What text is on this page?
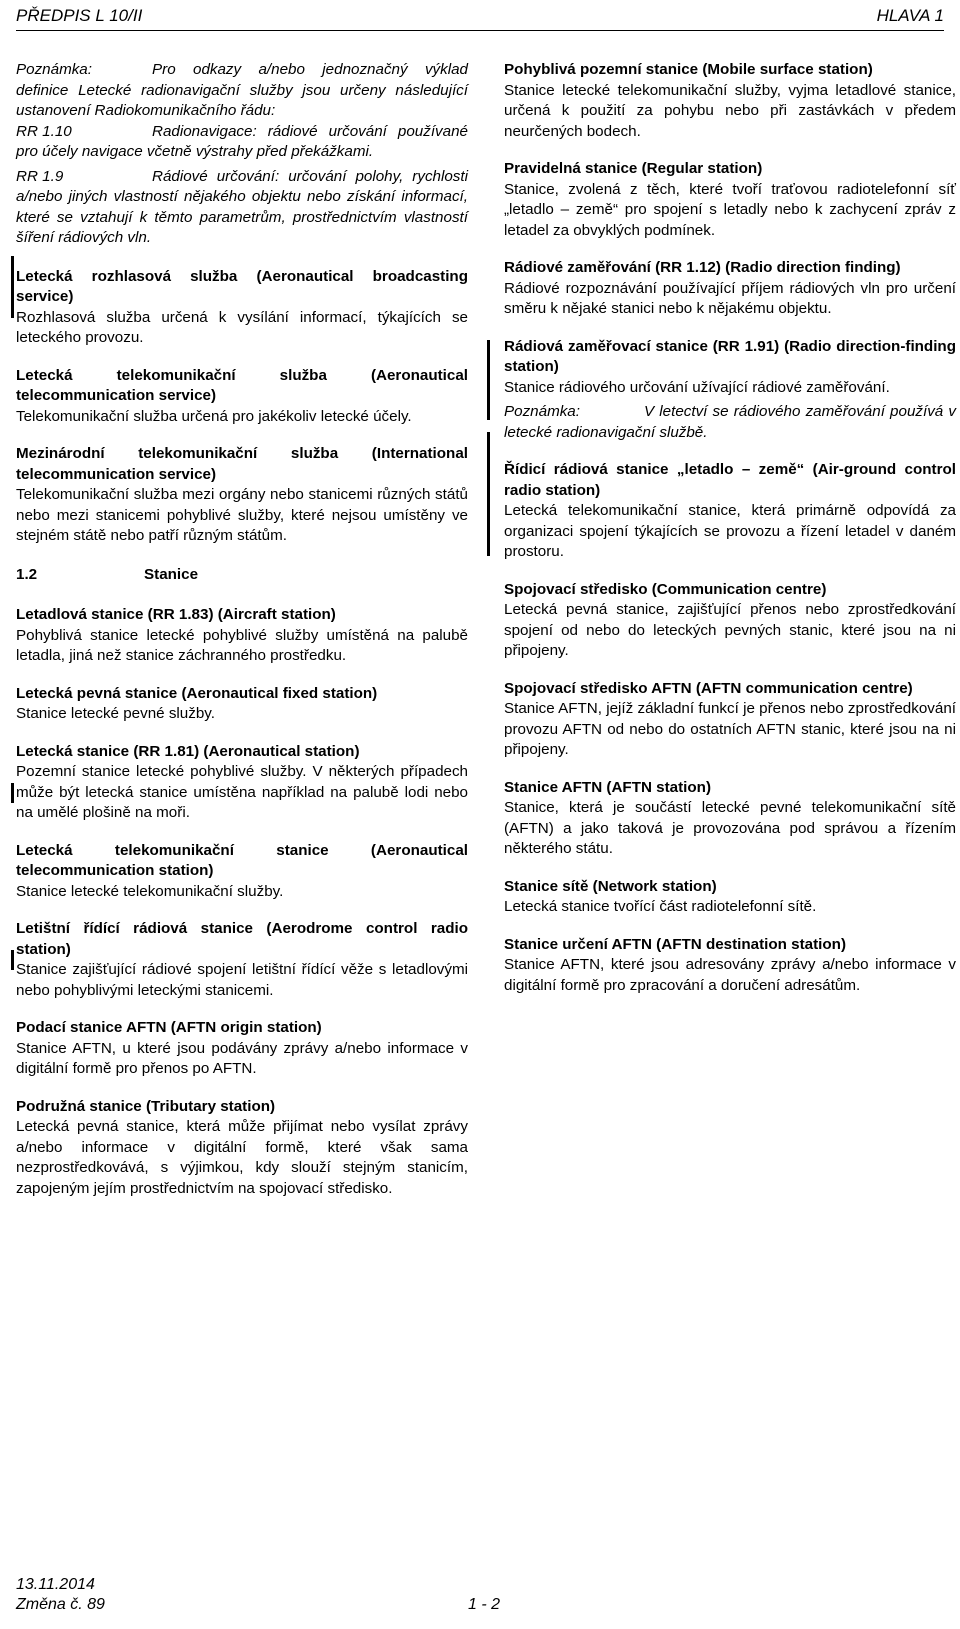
PŘEDPIS L 10/II	HLAVA 1

Poznámka:	Pro odkazy a/nebo jednoznačný výklad definice Letecké radionavigační služby jsou určeny následující ustanovení Radiokomunikačního řádu:

RR 1.10	Radionavigace: rádiové určování používané pro účely navigace včetně výstrahy před překážkami.

RR 1.9	Rádiové určování: určování polohy, rychlosti a/nebo jiných vlastností nějakého objektu nebo získání informací, které se vztahují k těmto parametrům, prostřednictvím vlastností šíření rádiových vln.

Letecká rozhlasová služba (Aeronautical broadcasting service)

Rozhlasová služba určená k vysílání informací, týkajících se leteckého provozu.

Letecká telekomunikační služba (Aeronautical telecommunication service)

Telekomunikační služba určená pro jakékoliv letecké účely.

Mezinárodní telekomunikační služba (International telecommunication service)

Telekomunikační služba mezi orgány nebo stanicemi různých států nebo mezi stanicemi pohyblivé služby, které nejsou umístěny ve stejném státě nebo patří různým státům.

1.2	Stanice

Letadlová stanice (RR 1.83) (Aircraft station)

Pohyblivá stanice letecké pohyblivé služby umístěná na palubě letadla, jiná než stanice záchranného prostředku.

Letecká pevná stanice (Aeronautical fixed station)

Stanice letecké pevné služby.

Letecká stanice (RR 1.81) (Aeronautical station)

Pozemní stanice letecké pohyblivé služby. V některých případech může být letecká stanice umístěna například na palubě lodi nebo na umělé plošině na moři.

Letecká telekomunikační stanice (Aeronautical telecommunication station)

Stanice letecké telekomunikační služby.

Letištní řídící rádiová stanice (Aerodrome control radio station)

Stanice zajišťující rádiové spojení letištní řídící věže s letadlovými nebo pohyblivými leteckými stanicemi.

Podací stanice AFTN (AFTN origin station)

Stanice AFTN, u které jsou podávány zprávy a/nebo informace v digitální formě pro přenos po AFTN.

Podružná stanice (Tributary station)

Letecká pevná stanice, která může přijímat nebo vysílat zprávy a/nebo informace v digitální formě, které však sama nezprostředkovává, s výjimkou, kdy slouží stejným stanicím, zapojeným jejím prostřednictvím na spojovací středisko.

Pohyblivá pozemní stanice (Mobile surface station)

Stanice letecké telekomunikační služby, vyjma letadlové stanice, určená k použití za pohybu nebo při zastávkách v předem neurčených bodech.

Pravidelná stanice (Regular station)

Stanice, zvolená z těch, které tvoří traťovou radiotelefonní síť „letadlo – země“ pro spojení s letadly nebo k zachycení zpráv z letadel za obvyklých podmínek.

Rádiové zaměřování (RR 1.12) (Radio direction finding)

Rádiové rozpoznávání používající příjem rádiových vln pro určení směru k nějaké stanici nebo k nějakému objektu.

Rádiová zaměřovací stanice (RR 1.91) (Radio direction-finding station)

Stanice rádiového určování užívající rádiové zaměřování.

Poznámka:	V letectví se rádiového zaměřování používá v letecké radionavigační službě.

Řídicí rádiová stanice „letadlo – země“ (Air-ground control radio station)

Letecká telekomunikační stanice, která primárně odpovídá za organizaci spojení týkajících se provozu a řízení letadel v daném prostoru.

Spojovací středisko (Communication centre)

Letecká pevná stanice, zajišťující přenos nebo zprostředkování spojení od nebo do leteckých pevných stanic, které jsou na ni připojeny.

Spojovací středisko AFTN (AFTN communication centre)

Stanice AFTN, jejíž základní funkcí je přenos nebo zprostředkování provozu AFTN od nebo do ostatních AFTN stanic, které jsou na ni připojeny.

Stanice AFTN (AFTN station)

Stanice, která je součástí letecké pevné telekomunikační sítě (AFTN) a jako taková je provozována pod správou a řízením některého státu.

Stanice sítě (Network station)

Letecká stanice tvořící část radiotelefonní sítě.

Stanice určení AFTN (AFTN destination station)

Stanice AFTN, které jsou adresovány zprávy a/nebo informace v digitální formě pro zpracování a doručení adresátům.

13.11.2014
Změna č. 89	1 - 2
